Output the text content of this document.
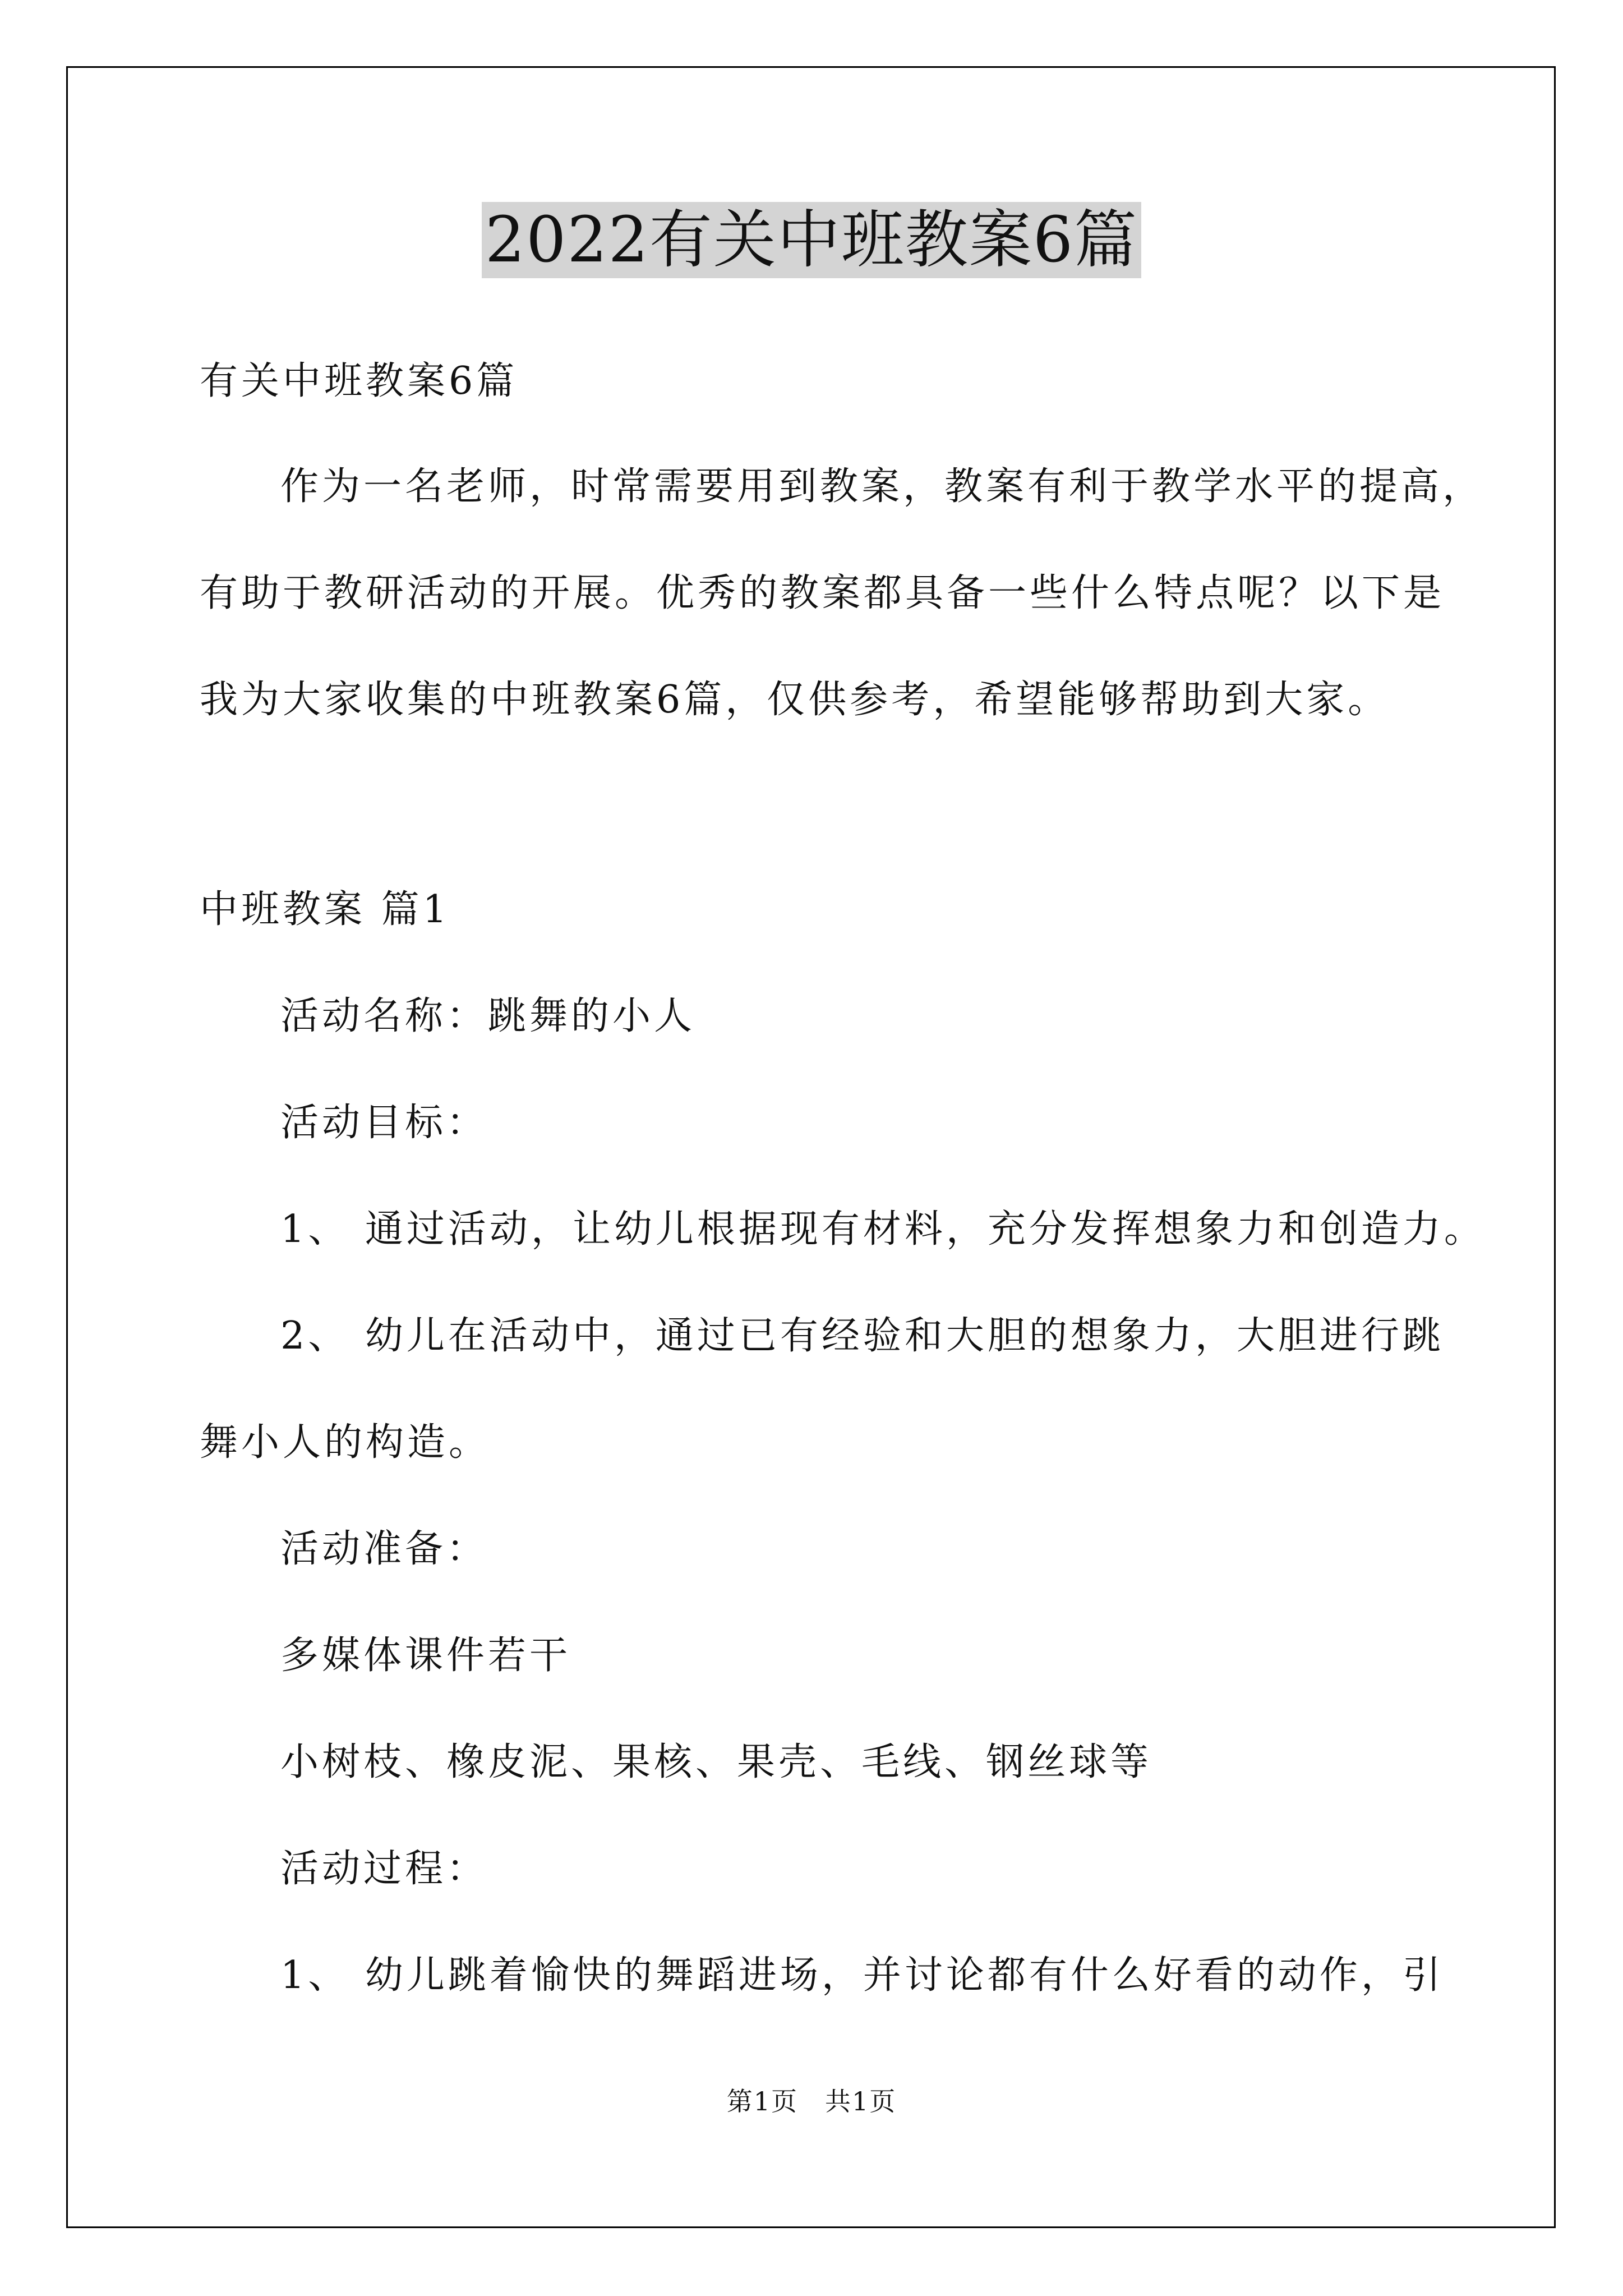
2022有关中班教案6篇
有关中班教案6篇
作为一名老师，时常需要用到教案，教案有利于教学水平的提高，
有助于教研活动的开展。优秀的教案都具备一些什么特点呢？以下是
我为大家收集的中班教案6篇，仅供参考，希望能够帮助到大家。
中班教案 篇1
活动名称：跳舞的小人
活动目标：
1、 通过活动，让幼儿根据现有材料，充分发挥想象力和创造力。
2、 幼儿在活动中，通过已有经验和大胆的想象力，大胆进行跳
舞小人的构造。
活动准备：
多媒体课件若干
小树枝、橡皮泥、果核、果壳、毛线、钢丝球等
活动过程：
1、 幼儿跳着愉快的舞蹈进场，并讨论都有什么好看的动作，引
第1页　共1页
